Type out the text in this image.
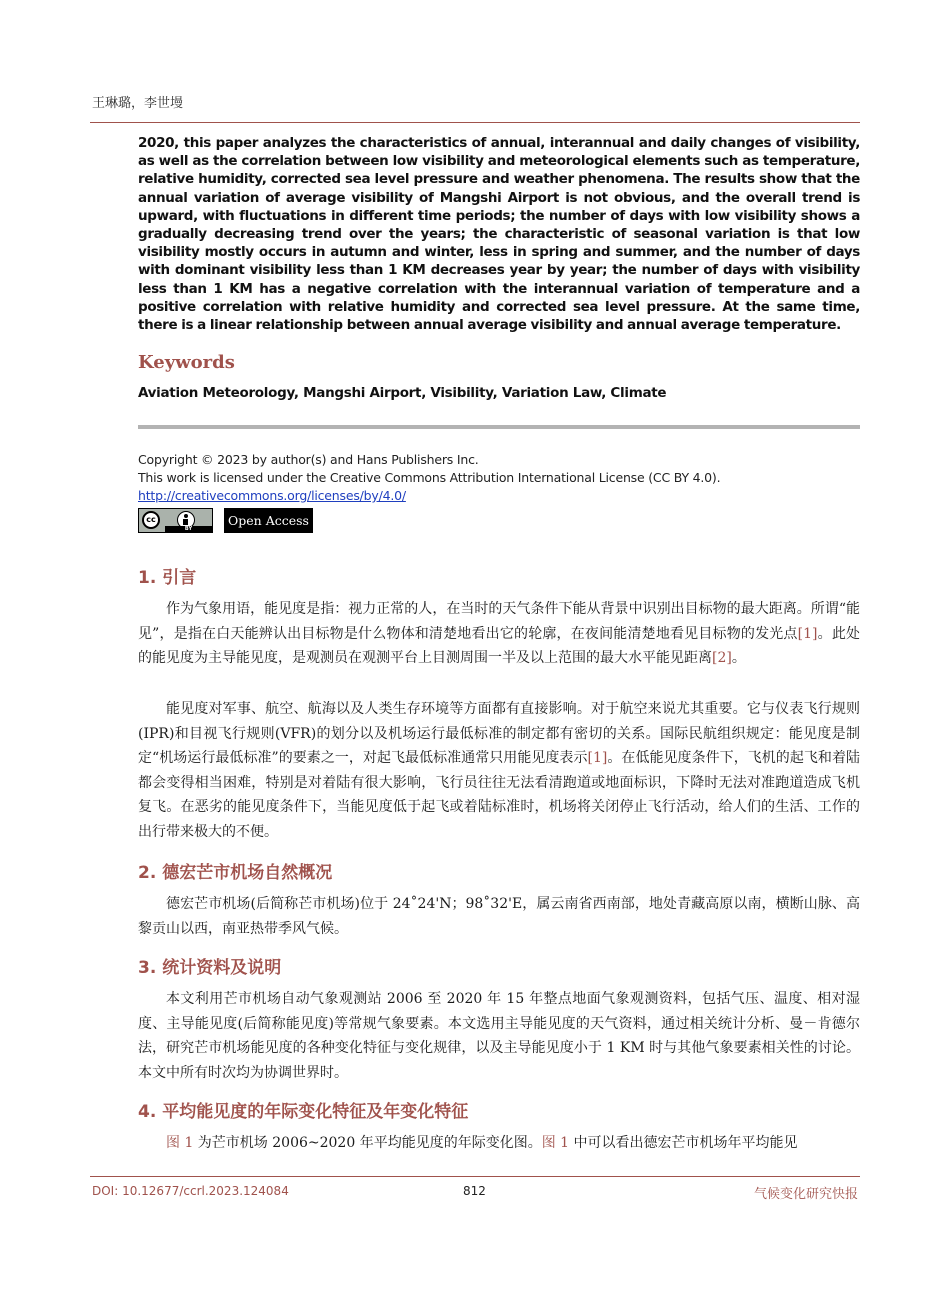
王琳璐，李世墁
2020, this paper analyzes the characteristics of annual, interannual and daily changes of visibility, as well as the correlation between low visibility and meteorological elements such as temperature, relative humidity, corrected sea level pressure and weather phenomena. The results show that the annual variation of average visibility of Mangshi Airport is not obvious, and the overall trend is upward, with fluctuations in different time periods; the number of days with low visibility shows a gradually decreasing trend over the years; the characteristic of seasonal variation is that low visibility mostly occurs in autumn and winter, less in spring and summer, and the number of days with dominant visibility less than 1 KM decreases year by year; the number of days with visibility less than 1 KM has a negative correlation with the interannual variation of temperature and a positive correlation with relative humidity and corrected sea level pressure. At the same time, there is a linear relationship between annual average visibility and annual average temperature.
Keywords
Aviation Meteorology, Mangshi Airport, Visibility, Variation Law, Climate
Copyright © 2023 by author(s) and Hans Publishers Inc.
This work is licensed under the Creative Commons Attribution International License (CC BY 4.0).
http://creativecommons.org/licenses/by/4.0/
cc
BY
Open Access
1. 引言
作为气象用语，能见度是指：视力正常的人，在当时的天气条件下能从背景中识别出目标物的最大距离。所谓“能见”，是指在白天能辨认出目标物是什么物体和清楚地看出它的轮廓，在夜间能清楚地看见目标物的发光点[1]。此处的能见度为主导能见度，是观测员在观测平台上目测周围一半及以上范围的最大水平能见距离[2]。
能见度对军事、航空、航海以及人类生存环境等方面都有直接影响。对于航空来说尤其重要。它与仪表飞行规则(IPR)和目视飞行规则(VFR)的划分以及机场运行最低标准的制定都有密切的关系。国际民航组织规定：能见度是制定“机场运行最低标准”的要素之一，对起飞最低标准通常只用能见度表示[1]。在低能见度条件下，飞机的起飞和着陆都会变得相当困难，特别是对着陆有很大影响，飞行员往往无法看清跑道或地面标识，下降时无法对准跑道造成飞机复飞。在恶劣的能见度条件下，当能见度低于起飞或着陆标准时，机场将关闭停止飞行活动，给人们的生活、工作的出行带来极大的不便。
2. 德宏芒市机场自然概况
德宏芒市机场(后简称芒市机场)位于 24˚24'N；98˚32'E，属云南省西南部，地处青藏高原以南，横断山脉、高黎贡山以西，南亚热带季风气候。
3. 统计资料及说明
本文利用芒市机场自动气象观测站 2006 至 2020 年 15 年整点地面气象观测资料，包括气压、温度、相对湿度、主导能见度(后简称能见度)等常规气象要素。本文选用主导能见度的天气资料，通过相关统计分析、曼－肯德尔法，研究芒市机场能见度的各种变化特征与变化规律，以及主导能见度小于 1 KM 时与其他气象要素相关性的讨论。本文中所有时次均为协调世界时。
4. 平均能见度的年际变化特征及年变化特征
图 1 为芒市机场 2006~2020 年平均能见度的年际变化图。图 1 中可以看出德宏芒市机场年平均能见
DOI: 10.12677/ccrl.2023.124084	812	气候变化研究快报
